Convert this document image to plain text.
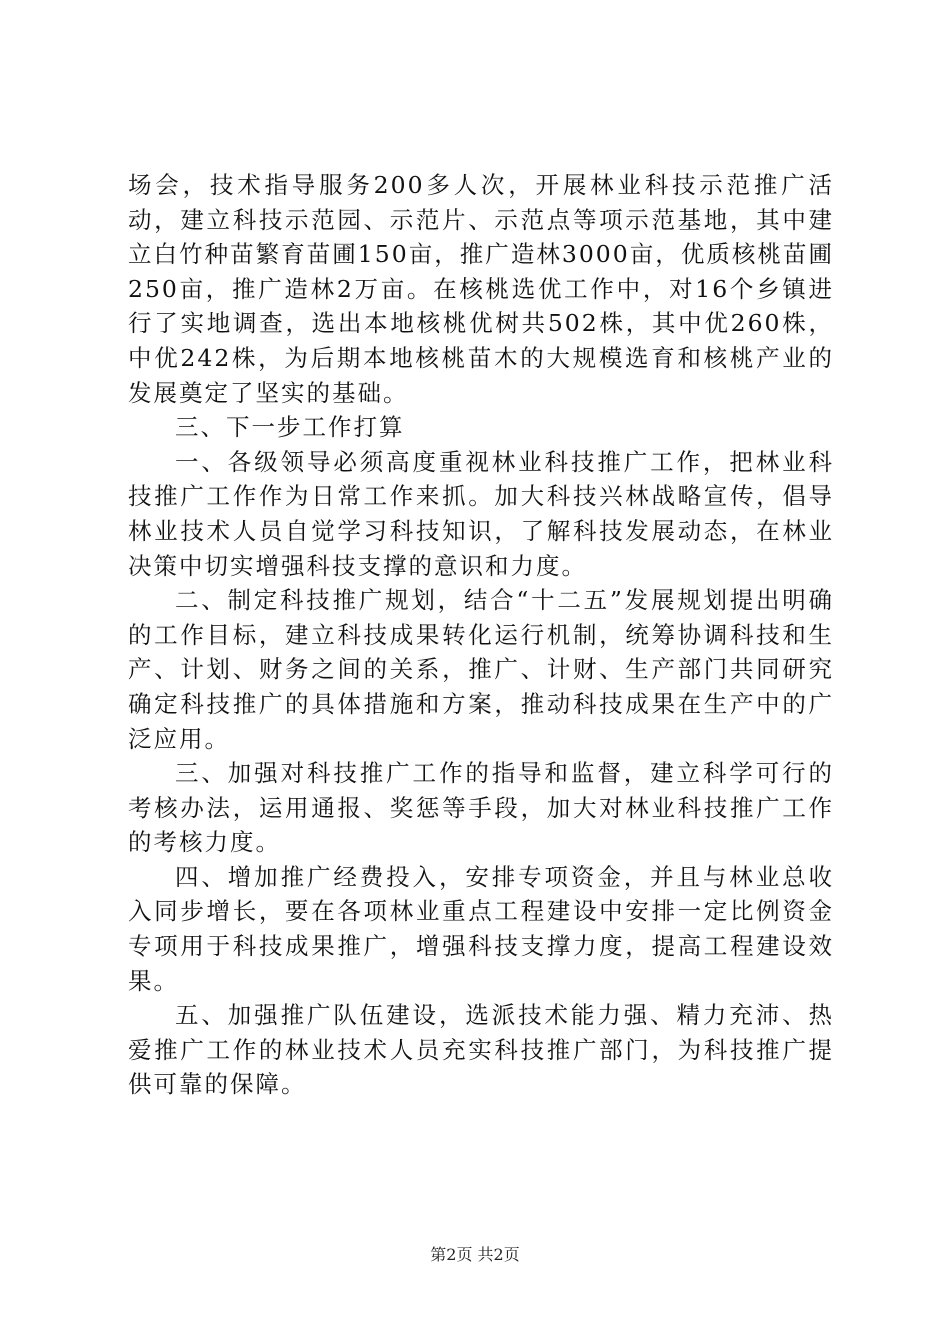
场会，技术指导服务200多人次，开展林业科技示范推广活动，建立科技示范园、示范片、示范点等项示范基地，其中建立白竹种苗繁育苗圃150亩，推广造林3000亩，优质核桃苗圃250亩，推广造林2万亩。在核桃选优工作中，对16个乡镇进行了实地调查，选出本地核桃优树共502株，其中优260株，中优242株，为后期本地核桃苗木的大规模选育和核桃产业的发展奠定了坚实的基础。

三、下一步工作打算

一、各级领导必须高度重视林业科技推广工作，把林业科技推广工作作为日常工作来抓。加大科技兴林战略宣传，倡导林业技术人员自觉学习科技知识，了解科技发展动态，在林业决策中切实增强科技支撑的意识和力度。

二、制定科技推广规划，结合“十二五”发展规划提出明确的工作目标，建立科技成果转化运行机制，统筹协调科技和生产、计划、财务之间的关系，推广、计财、生产部门共同研究确定科技推广的具体措施和方案，推动科技成果在生产中的广泛应用。

三、加强对科技推广工作的指导和监督，建立科学可行的考核办法，运用通报、奖惩等手段，加大对林业科技推广工作的考核力度。

四、增加推广经费投入，安排专项资金，并且与林业总收入同步增长，要在各项林业重点工程建设中安排一定比例资金专项用于科技成果推广，增强科技支撑力度，提高工程建设效果。

五、加强推广队伍建设，选派技术能力强、精力充沛、热爱推广工作的林业技术人员充实科技推广部门，为科技推广提供可靠的保障。

第2页 共2页
